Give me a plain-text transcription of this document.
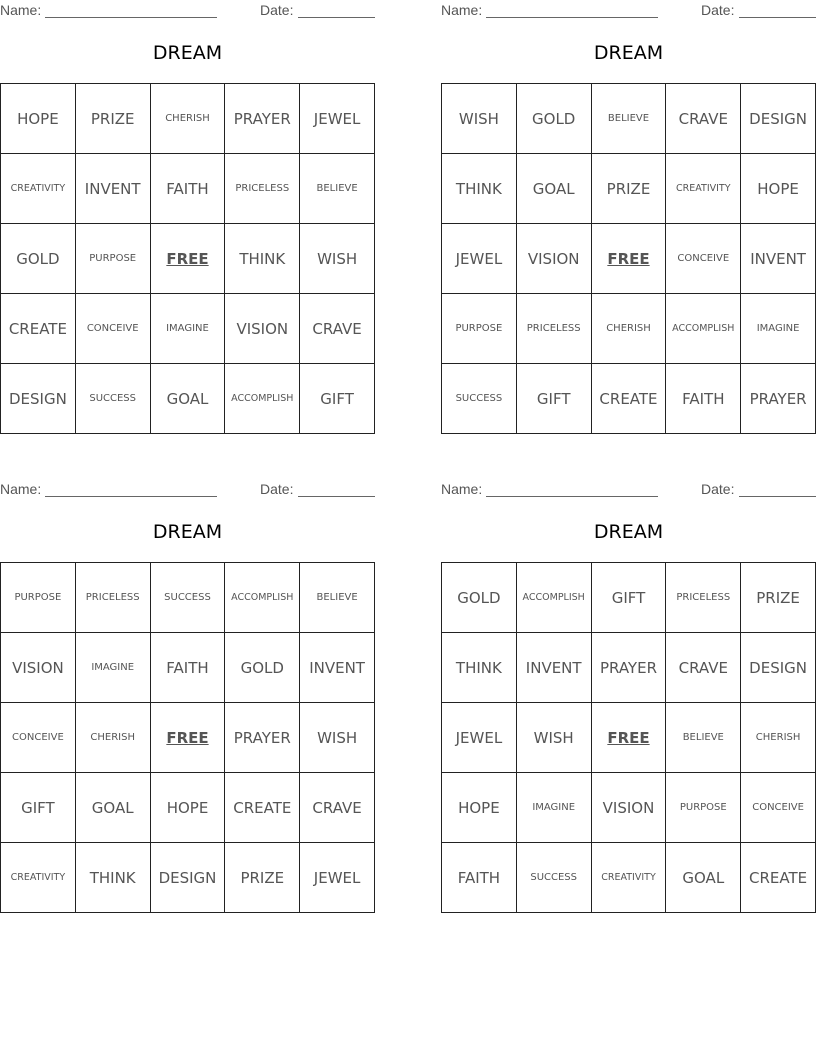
Name:	Date:
DREAM
HOPE	PRIZE	CHERISH	PRAYER	JEWEL
CREATIVITY	INVENT	FAITH	PRICELESS	BELIEVE
GOLD	PURPOSE	FREE	THINK	WISH
CREATE	CONCEIVE	IMAGINE	VISION	CRAVE
DESIGN	SUCCESS	GOAL	ACCOMPLISH	GIFT
Name:	Date:
DREAM
WISH	GOLD	BELIEVE	CRAVE	DESIGN
THINK	GOAL	PRIZE	CREATIVITY	HOPE
JEWEL	VISION	FREE	CONCEIVE	INVENT
PURPOSE	PRICELESS	CHERISH	ACCOMPLISH	IMAGINE
SUCCESS	GIFT	CREATE	FAITH	PRAYER
Name:	Date:
DREAM
PURPOSE	PRICELESS	SUCCESS	ACCOMPLISH	BELIEVE
VISION	IMAGINE	FAITH	GOLD	INVENT
CONCEIVE	CHERISH	FREE	PRAYER	WISH
GIFT	GOAL	HOPE	CREATE	CRAVE
CREATIVITY	THINK	DESIGN	PRIZE	JEWEL
Name:	Date:
DREAM
GOLD	ACCOMPLISH	GIFT	PRICELESS	PRIZE
THINK	INVENT	PRAYER	CRAVE	DESIGN
JEWEL	WISH	FREE	BELIEVE	CHERISH
HOPE	IMAGINE	VISION	PURPOSE	CONCEIVE
FAITH	SUCCESS	CREATIVITY	GOAL	CREATE
